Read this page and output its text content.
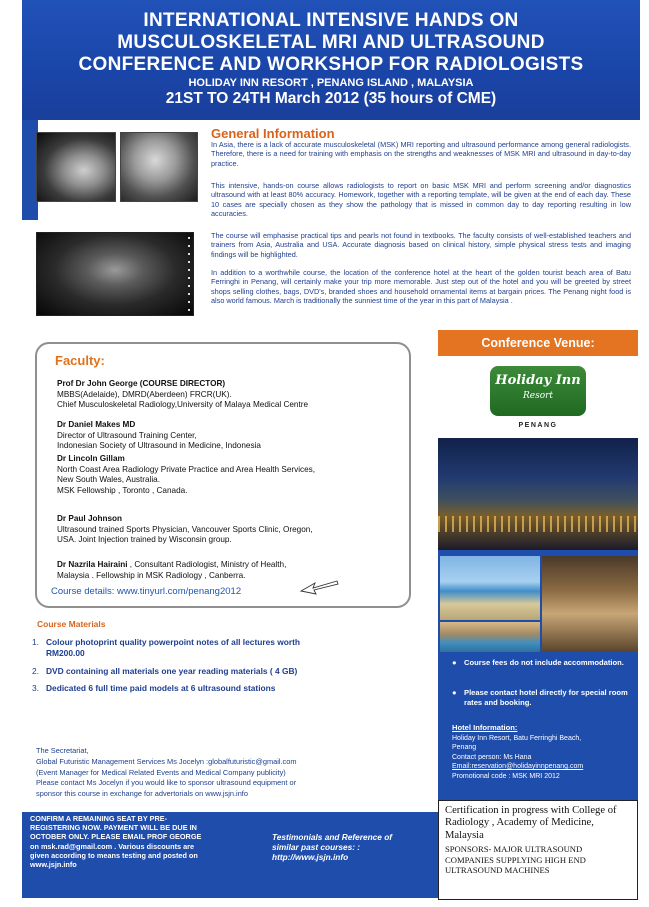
INTERNATIONAL INTENSIVE HANDS ON
MUSCULOSKELETAL MRI AND ULTRASOUND
CONFERENCE AND WORKSHOP FOR RADIOLOGISTS
HOLIDAY INN RESORT , PENANG ISLAND , MALAYSIA
21ST TO 24TH March 2012 (35 hours of CME)
General Information
In Asia, there is a lack of accurate musculoskeletal (MSK) MRI reporting and ultrasound performance among general radiologists. Therefore, there is a need for training with emphasis on the strengths and weaknesses of MSK MRI and ultrasound in day-to-day practice.
This intensive, hands-on course allows radiologists to report on basic MSK MRI and perform screening and/or diagnostics ultrasound with at least 80% accuracy. Homework, together with a reporting template, will be given at the end of each day. These 10 cases are specially chosen as they show the pathology that is missed in common day to day reporting resulting in low accuracies.
The course will emphasise practical tips and pearls not found in textbooks. The faculty consists of well-established teachers and trainers from Asia, Australia and USA. Accurate diagnosis based on clinical history, simple physical stress tests and imaging findings will be highlighted.
In addition to a worthwhile course, the location of the conference hotel at the heart of the golden tourist beach area of Batu Ferringhi in Penang, will certainly make your trip more memorable. Just step out of the hotel and you will be greeted by street shops selling clothes, bags, DVD's, branded shoes and household ornamental items at bargain prices. The Penang night food is also world famous. March is traditionally the sunniest time of the year in this part of Malaysia .
Faculty:
Prof Dr John George (COURSE DIRECTOR)
MBBS(Adelaide), DMRD(Aberdeen) FRCR(UK).
Chief Musculoskeletal Radiology,University of Malaya Medical Centre
Dr Daniel Makes MD
Director of Ultrasound Training Center,
Indonesian Society of Ultrasound in Medicine, Indonesia
Dr Lincoln Gillam
North Coast Area Radiology Private Practice and Area Health Services,
New South Wales, Australia.
MSK Fellowship , Toronto , Canada.
Dr Paul Johnson
Ultrasound trained Sports Physician, Vancouver Sports Clinic, Oregon,
USA. Joint Injection trained by Wisconsin group.
Dr Nazrila Hairaini , Consultant Radiologist, Ministry of Health,
Malaysia . Fellowship in MSK Radiology , Canberra.
Course details: www.tinyurl.com/penang2012
Course Materials
1. Colour photoprint quality powerpoint notes of all lectures worth
RM200.00
2. DVD containing all materials one year reading materials ( 4 GB)
3. Dedicated 6 full time paid models at 6 ultrasound stations
The Secretariat,
Global Futuristic Management Services Ms Jocelyn :globalfuturistic@gmail.com
(Event Manager for Medical Related Events and Medical Company publicity)
Please contact Ms Jocelyn if you would like to sponsor ultrasound equipment or
sponsor this course in exchange for advertorials on www.jsjn.info
CONFIRM A REMAINING SEAT BY PRE-
REGISTERING NOW. PAYMENT WILL BE DUE IN
OCTOBER ONLY. PLEASE EMAIL PROF GEORGE
on msk.rad@gmail.com . Various discounts are
given according to means testing and posted on
www.jsjn.info
Testimonials and Reference of
similar past courses: :
http://www.jsjn.info
Conference Venue:
Holiday Inn
Resort
PENANG
● Course fees do not include accommodation.
● Please contact hotel directly for special room rates and booking.
Hotel Information:
Holiday Inn Resort, Batu Ferringhi Beach,
Penang
Contact person: Ms Hana
Email:reservation@holidayinnpenang.com
Promotional code : MSK MRI 2012
Certification in progress with College of Radiology , Academy of Medicine, Malaysia
SPONSORS- MAJOR ULTRASOUND COMPANIES SUPPLYING HIGH END ULTRASOUND MACHINES
